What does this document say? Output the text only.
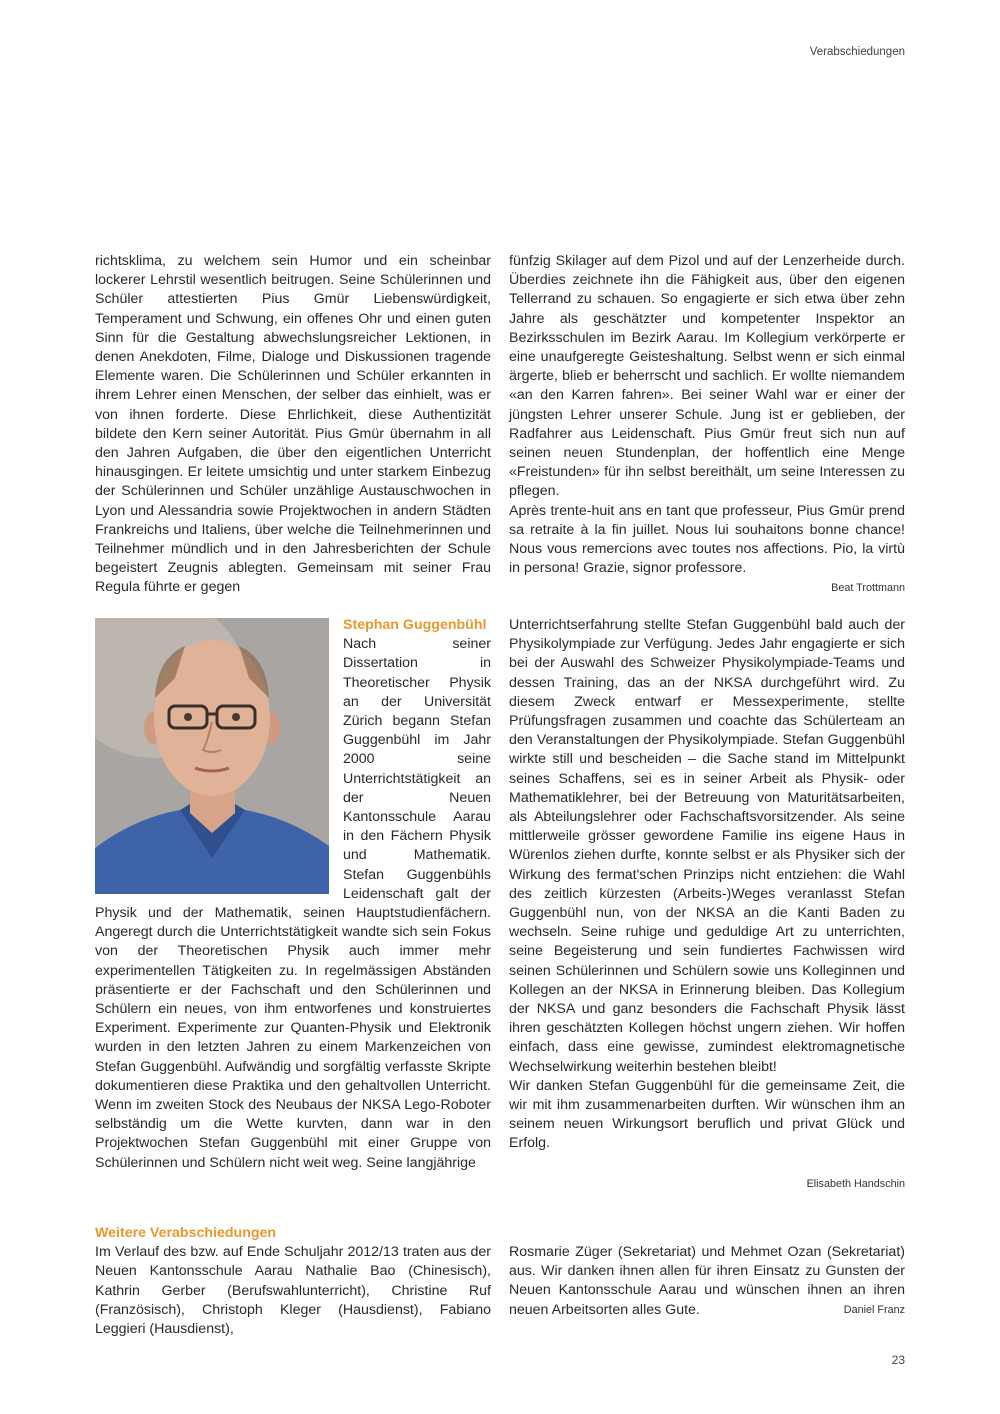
Verabschiedungen

richtsklima, zu welchem sein Humor und ein scheinbar lockerer Lehrstil wesentlich beitrugen. Seine Schülerinnen und Schüler attestierten Pius Gmür Liebenswürdigkeit, Temperament und Schwung, ein offenes Ohr und einen guten Sinn für die Gestaltung abwechslungsreicher Lektionen, in denen Anekdoten, Filme, Dialoge und Diskussionen tragende Elemente waren. Die Schülerinnen und Schüler erkannten in ihrem Lehrer einen Menschen, der selber das einhielt, was er von ihnen forderte. Diese Ehrlichkeit, diese Authentizität bildete den Kern seiner Autorität. Pius Gmür übernahm in all den Jahren Aufgaben, die über den eigentlichen Unterricht hinausgingen. Er leitete umsichtig und unter starkem Einbezug der Schülerinnen und Schüler unzählige Austauschwochen in Lyon und Alessandria sowie Projektwochen in andern Städten Frankreichs und Italiens, über welche die Teilnehmerinnen und Teilnehmer mündlich und in den Jahresberichten der Schule begeistert Zeugnis ablegten. Gemeinsam mit seiner Frau Regula führte er gegen

fünfzig Skilager auf dem Pizol und auf der Lenzerheide durch. Überdies zeichnete ihn die Fähigkeit aus, über den eigenen Tellerrand zu schauen. So engagierte er sich etwa über zehn Jahre als geschätzter und kompetenter Inspektor an Bezirksschulen im Bezirk Aarau. Im Kollegium verkörperte er eine unaufgeregte Geisteshaltung. Selbst wenn er sich einmal ärgerte, blieb er beherrscht und sachlich. Er wollte niemandem «an den Karren fahren». Bei seiner Wahl war er einer der jüngsten Lehrer unserer Schule. Jung ist er geblieben, der Radfahrer aus Leidenschaft. Pius Gmür freut sich nun auf seinen neuen Stundenplan, der hoffentlich eine Menge «Freistunden» für ihn selbst bereithält, um seine Interessen zu pflegen.

Après trente-huit ans en tant que professeur, Pius Gmür prend sa retraite à la fin juillet. Nous lui souhaitons bonne chance! Nous vous remercions avec toutes nos affections. Pio, la virtù in persona! Grazie, signor professore.

Beat Trottmann

Stephan Guggenbühl
Nach seiner Dissertation in Theoretischer Physik an der Universität Zürich begann Stefan Guggenbühl im Jahr 2000 seine Unterrichtstätigkeit an der Neuen Kantonsschule Aarau in den Fächern Physik und Mathematik. Stefan Guggenbühls Leidenschaft galt der Physik und der Mathematik, seinen Hauptstudienfächern. Angeregt durch die Unterrichtstätigkeit wandte sich sein Fokus von der Theoretischen Physik auch immer mehr experimentellen Tätigkeiten zu. In regelmässigen Abständen präsentierte er der Fachschaft und den Schülerinnen und Schülern ein neues, von ihm entworfenes und konstruiertes Experiment. Experimente zur Quanten-Physik und Elektronik wurden in den letzten Jahren zu einem Markenzeichen von Stefan Guggenbühl. Aufwändig und sorgfältig verfasste Skripte dokumentieren diese Praktika und den gehaltvollen Unterricht. Wenn im zweiten Stock des Neubaus der NKSA Lego-Roboter selbständig um die Wette kurvten, dann war in den Projektwochen Stefan Guggenbühl mit einer Gruppe von Schülerinnen und Schülern nicht weit weg. Seine langjährige

Unterrichtserfahrung stellte Stefan Guggenbühl bald auch der Physikolympiade zur Verfügung. Jedes Jahr engagierte er sich bei der Auswahl des Schweizer Physikolympiade-Teams und dessen Training, das an der NKSA durchgeführt wird. Zu diesem Zweck entwarf er Messexperimente, stellte Prüfungsfragen zusammen und coachte das Schülerteam an den Veranstaltungen der Physikolympiade. Stefan Guggenbühl wirkte still und bescheiden – die Sache stand im Mittelpunkt seines Schaffens, sei es in seiner Arbeit als Physik- oder Mathematiklehrer, bei der Betreuung von Maturitätsarbeiten, als Abteilungslehrer oder Fachschaftsvorsitzender. Als seine mittlerweile grösser gewordene Familie ins eigene Haus in Würenlos ziehen durfte, konnte selbst er als Physiker sich der Wirkung des fermat'schen Prinzips nicht entziehen: die Wahl des zeitlich kürzesten (Arbeits-)Weges veranlasst Stefan Guggenbühl nun, von der NKSA an die Kanti Baden zu wechseln. Seine ruhige und geduldige Art zu unterrichten, seine Begeisterung und sein fundiertes Fachwissen wird seinen Schülerinnen und Schülern sowie uns Kolleginnen und Kollegen an der NKSA in Erinnerung bleiben. Das Kollegium der NKSA und ganz besonders die Fachschaft Physik lässt ihren geschätzten Kollegen höchst ungern ziehen. Wir hoffen einfach, dass eine gewisse, zumindest elektromagnetische Wechselwirkung weiterhin bestehen bleibt!

Wir danken Stefan Guggenbühl für die gemeinsame Zeit, die wir mit ihm zusammenarbeiten durften. Wir wünschen ihm an seinem neuen Wirkungsort beruflich und privat Glück und Erfolg.

Elisabeth Handschin
Weitere Verabschiedungen

Im Verlauf des bzw. auf Ende Schuljahr 2012/13 traten aus der Neuen Kantonsschule Aarau Nathalie Bao (Chinesisch), Kathrin Gerber (Berufswahlunterricht), Christine Ruf (Französisch), Christoph Kleger (Hausdienst), Fabiano Leggieri (Hausdienst),

Rosmarie Züger (Sekretariat) und Mehmet Ozan (Sekretariat) aus. Wir danken ihnen allen für ihren Einsatz zu Gunsten der Neuen Kantonsschule Aarau und wünschen ihnen an ihren neuen Arbeitsorten alles Gute.	Daniel Franz
23
